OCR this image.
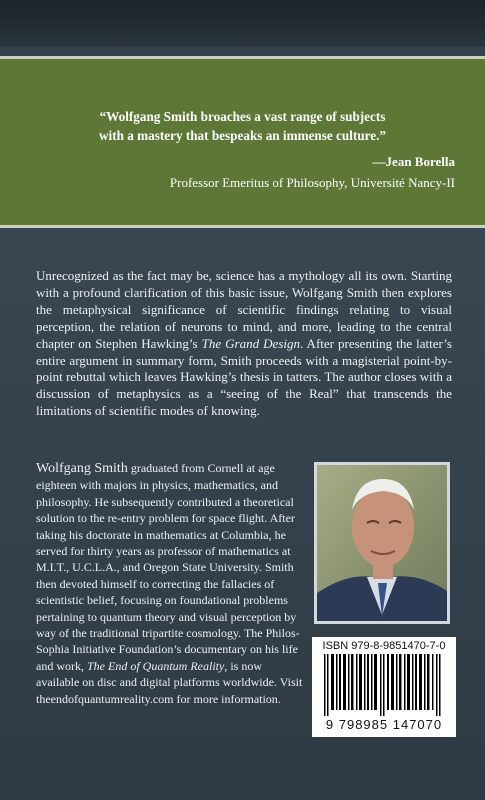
“Wolfgang Smith broaches a vast range of subjects
with a mastery that bespeaks an immense culture.”
—Jean Borella
Professor Emeritus of Philosophy, Université Nancy-II

Unrecognized as the fact may be, science has a mythology all its own. Starting with a profound clarification of this basic issue, Wolfgang Smith then explores the metaphysical significance of scientific findings relating to visual perception, the relation of neurons to mind, and more, leading to the central chapter on Stephen Hawking’s The Grand Design. After presenting the latter’s entire argument in summary form, Smith proceeds with a magisterial point-by-point rebuttal which leaves Hawking’s thesis in tatters. The author closes with a discussion of metaphysics as a “seeing of the Real” that transcends the limitations of scientific modes of knowing.

Wolfgang Smith graduated from Cornell at age eighteen with majors in physics, mathematics, and philosophy. He subsequently contributed a theoretical solution to the re-entry problem for space flight. After taking his doctorate in mathematics at Columbia, he served for thirty years as professor of mathematics at M.I.T., U.C.L.A., and Oregon State University. Smith then devoted himself to correcting the fallacies of scientistic belief, focusing on foundational problems pertaining to quantum theory and visual perception by way of the traditional tripartite cosmology. The Philos-Sophia Initiative Foundation’s documentary on his life and work, The End of Quantum Reality, is now available on disc and digital platforms worldwide. Visit theendofquantumreality.com for more information.

ISBN 979-8-9851470-7-0
9 798985 147070
